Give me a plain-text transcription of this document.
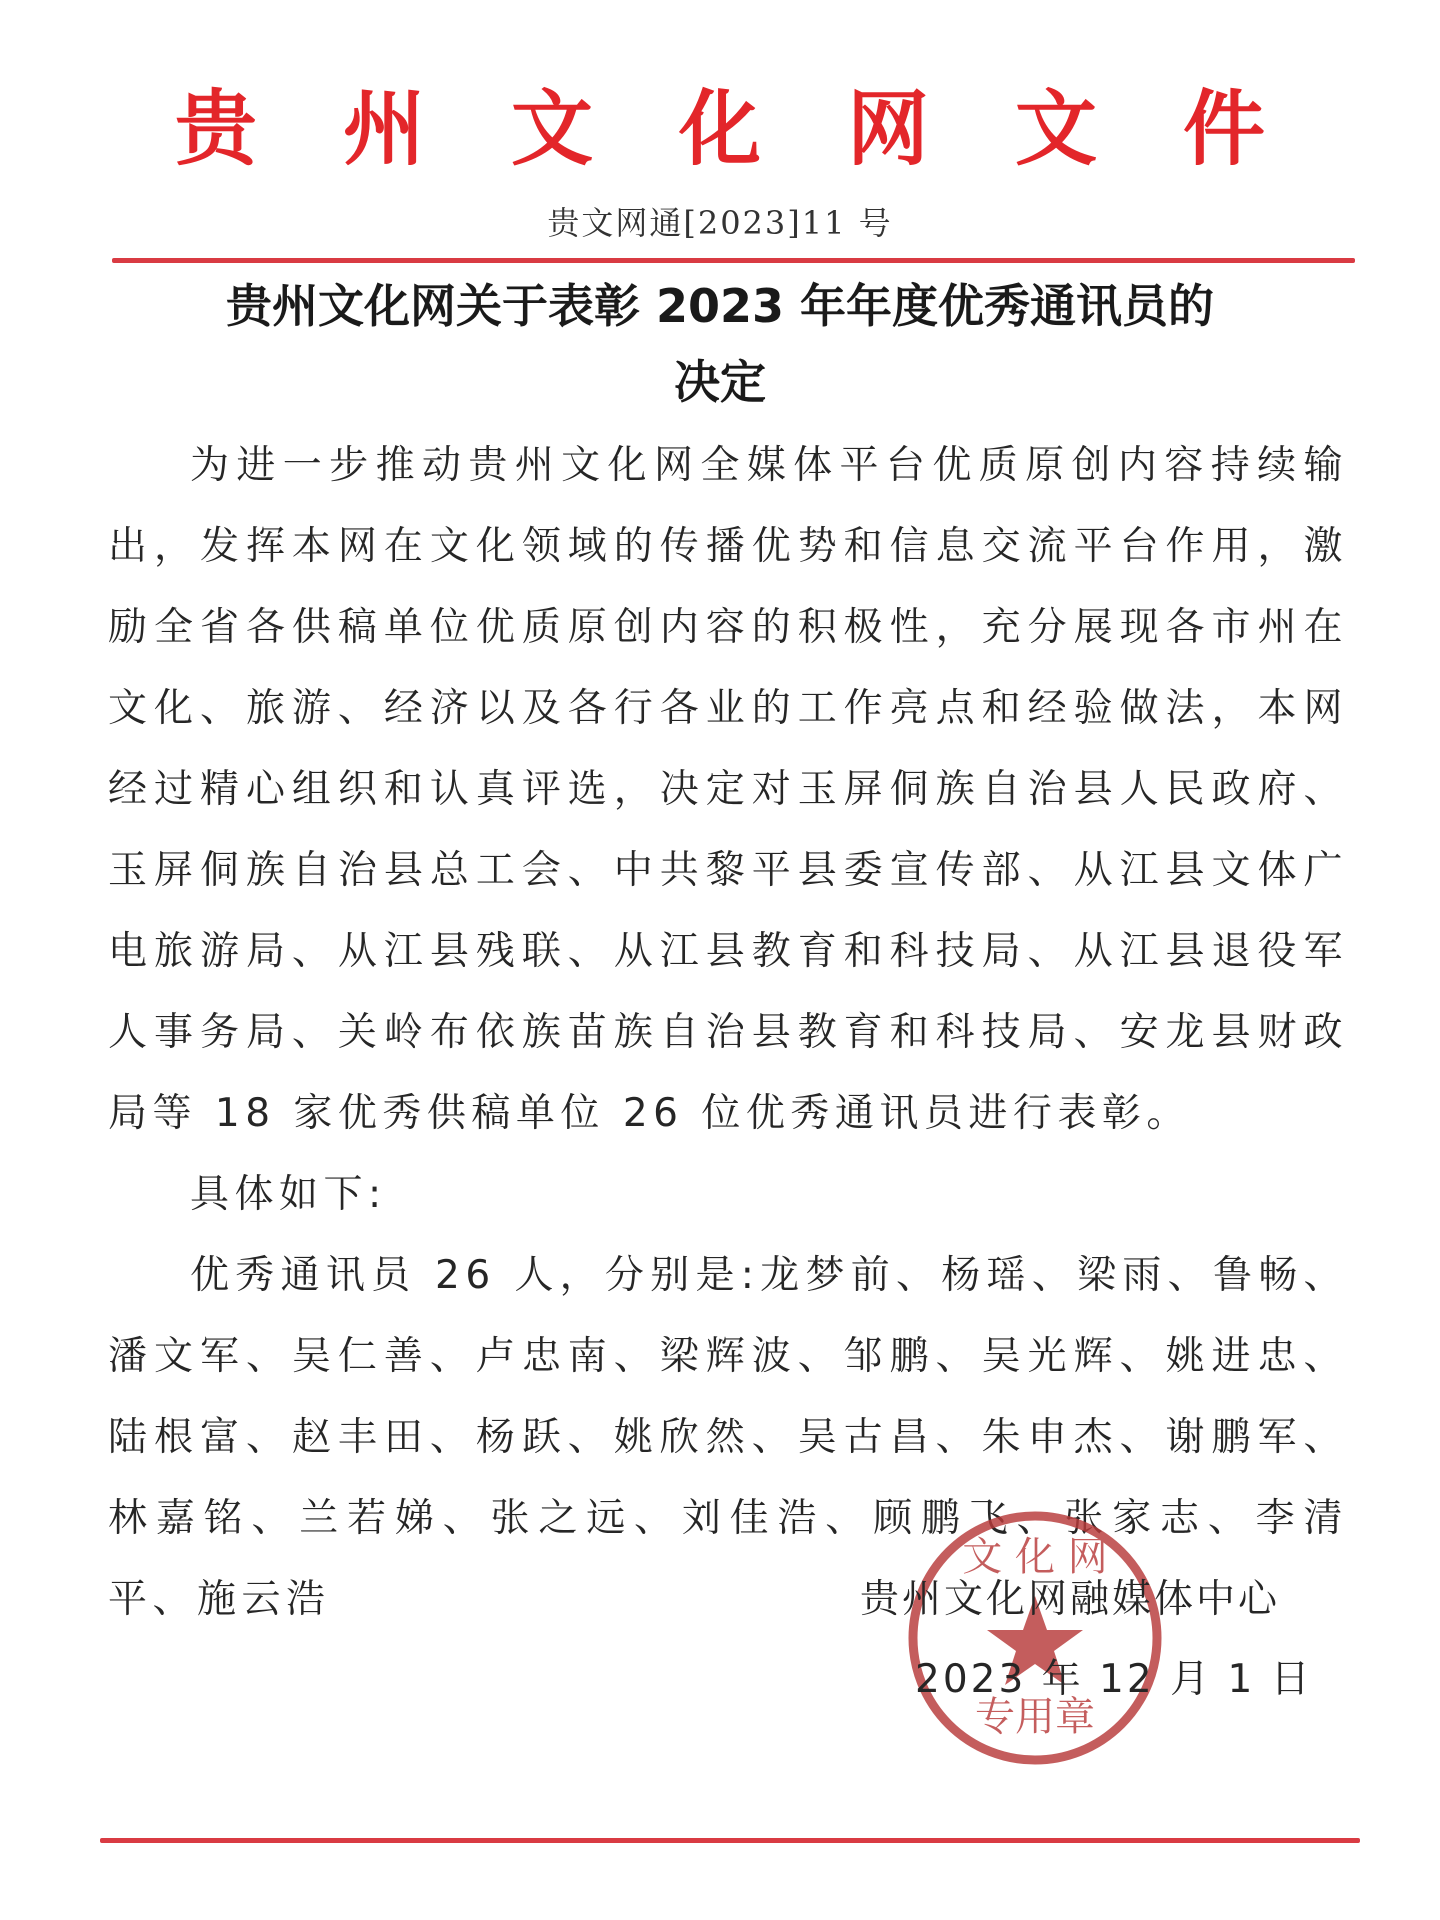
贵	州	文	化	网	文	件
贵文网通[2023]11 号
贵州文化网关于表彰 2023 年年度优秀通讯员的
决定

为进一步推动贵州文化网全媒体平台优质原创内容持续输出，发挥本网在文化领域的传播优势和信息交流平台作用，激励全省各供稿单位优质原创内容的积极性，充分展现各市州在文化、旅游、经济以及各行各业的工作亮点和经验做法，本网经过精心组织和认真评选，决定对玉屏侗族自治县人民政府、玉屏侗族自治县总工会、中共黎平县委宣传部、从江县文体广电旅游局、从江县残联、从江县教育和科技局、从江县退役军人事务局、关岭布依族苗族自治县教育和科技局、安龙县财政局等 18 家优秀供稿单位 26 位优秀通讯员进行表彰。

具体如下:

优秀通讯员 26 人，分别是:龙梦前、杨瑶、梁雨、鲁畅、潘文军、吴仁善、卢忠南、梁辉波、邹鹏、吴光辉、姚进忠、陆根富、赵丰田、杨跃、姚欣然、吴古昌、朱申杰、谢鹏军、林嘉铭、兰若娣、张之远、刘佳浩、顾鹏飞、张家志、李清平、施云浩

文 化 网
专用章
贵州文化网融媒体中心
2023 年 12 月 1 日
